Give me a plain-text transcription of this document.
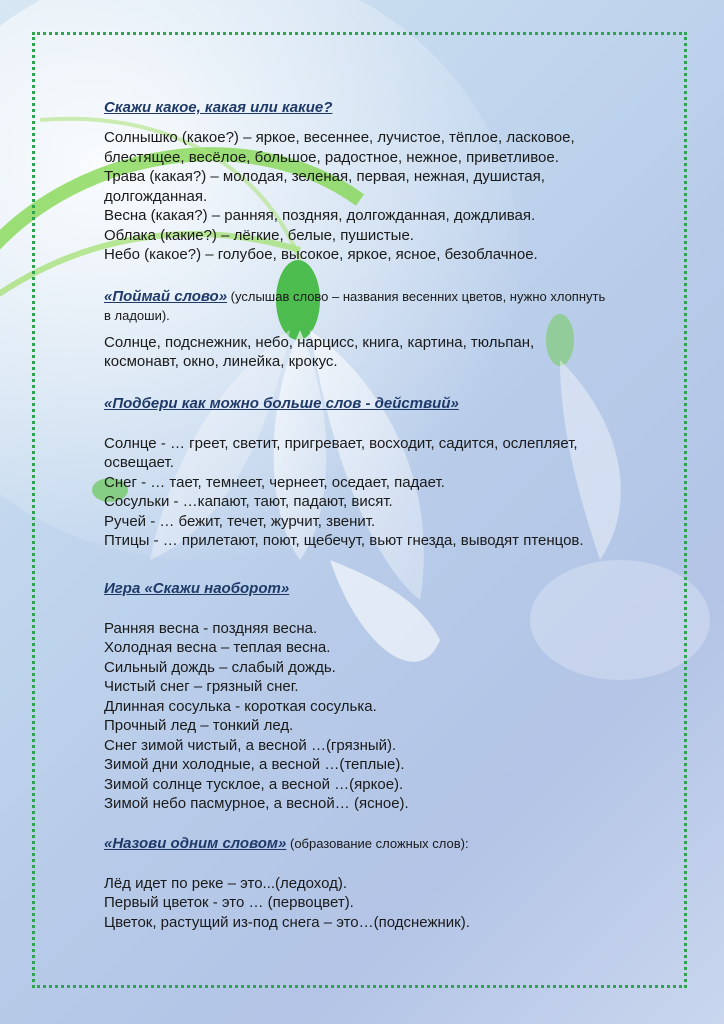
Скажи какое, какая или какие?

Солнышко (какое?) – яркое, весеннее, лучистое, тёплое, ласковое,

блестящее, весёлое, большое, радостное, нежное, приветливое.

Трава (какая?) – молодая, зеленая, первая, нежная, душистая,

долгожданная.

Весна (какая?) – ранняя, поздняя, долгожданная, дождливая.

Облака (какие?) – лёгкие, белые, пушистые.

Небо (какое?) – голубое, высокое, яркое, ясное, безоблачное.

«Поймай слово» (услышав слово – названия весенних цветов, нужно хлопнуть

в ладоши).

Солнце, подснежник, небо, нарцисс, книга, картина, тюльпан,

космонавт, окно, линейка, крокус.

«Подбери как можно больше слов - действий»

Солнце - … греет, светит, пригревает, восходит, садится, ослепляет,

освещает.

Снег - … тает, темнеет, чернеет, оседает, падает.

Сосульки - …капают, тают, падают, висят.

Ручей - … бежит, течет, журчит, звенит.

Птицы - … прилетают, поют, щебечут, вьют гнезда, выводят птенцов.

Игра «Скажи наоборот»

Ранняя весна - поздняя весна.

Холодная весна – теплая весна.

Сильный дождь – слабый дождь.

Чистый снег – грязный снег.

Длинная сосулька - короткая сосулька.

Прочный лед – тонкий лед.

Снег зимой чистый, а весной …(грязный).

Зимой дни холодные, а весной …(теплые).

Зимой солнце тусклое, а весной …(яркое).

Зимой небо пасмурное, а весной… (ясное).

«Назови одним словом» (образование сложных слов):

Лёд идет по реке – это...(ледоход).

Первый цветок - это … (первоцвет).

Цветок, растущий из-под снега – это…(подснежник).
